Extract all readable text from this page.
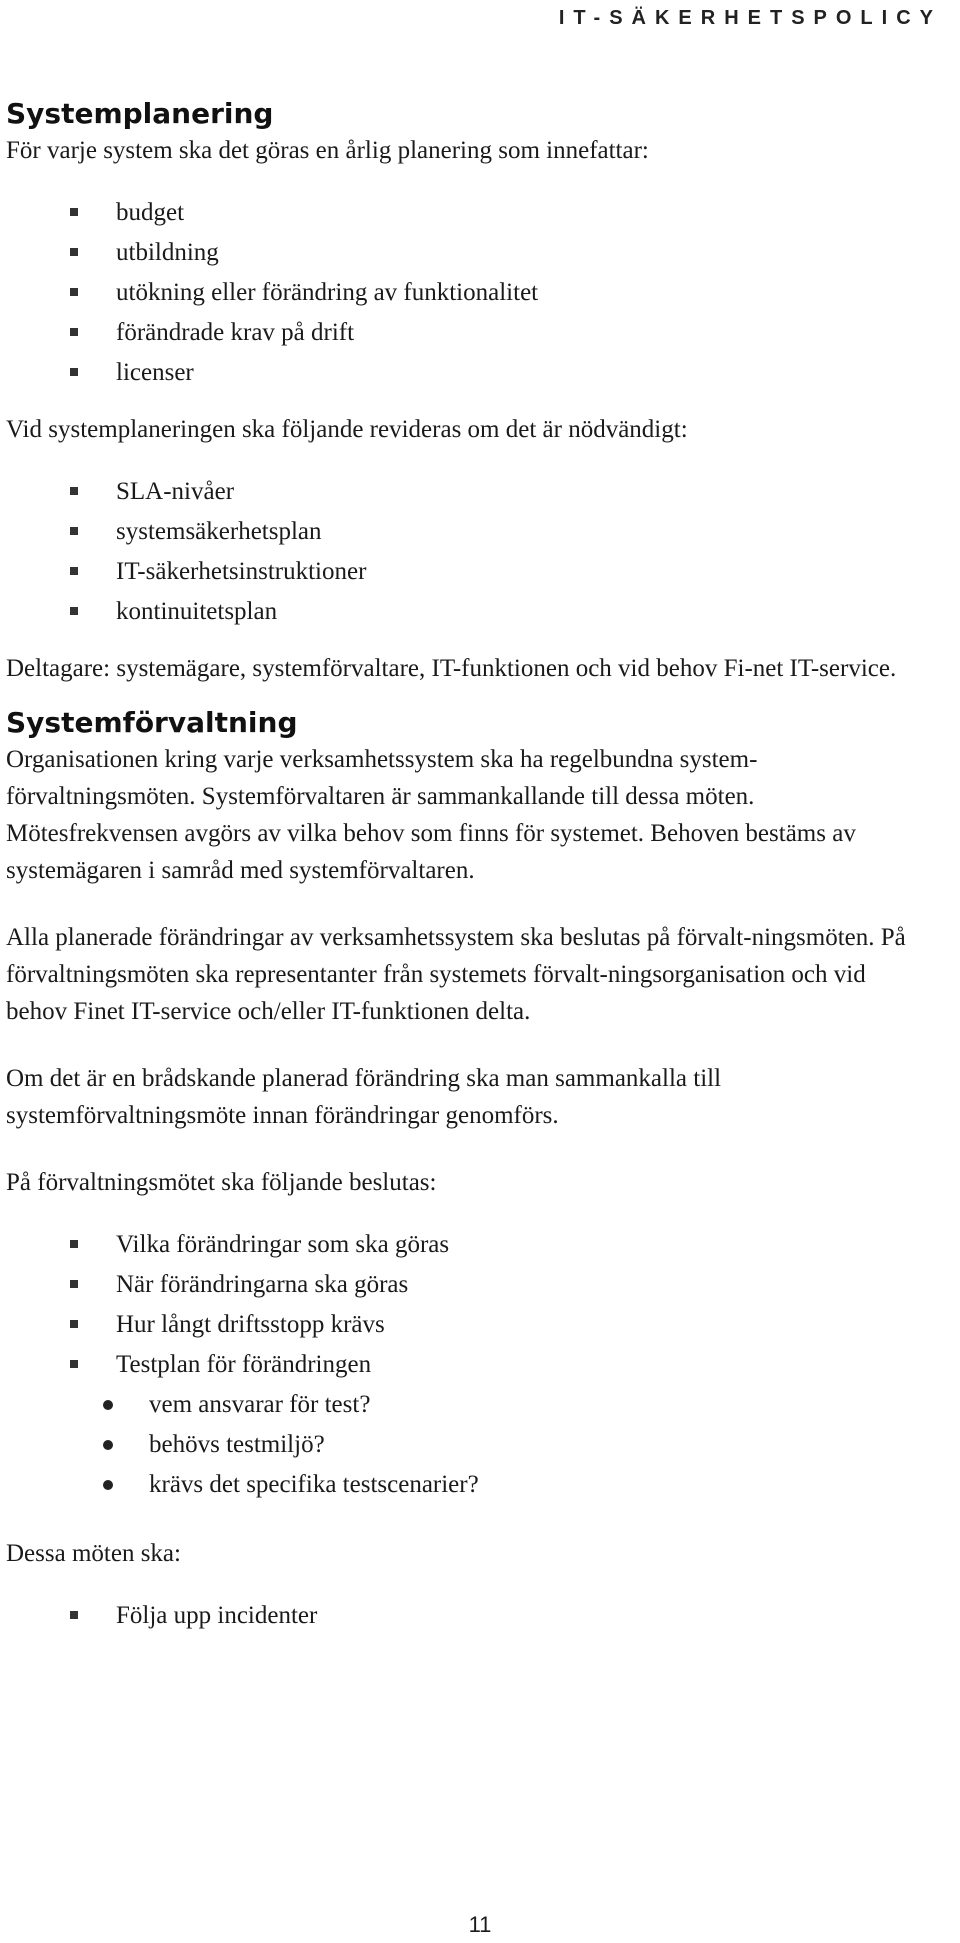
IT-SÄKERHETSPOLICY

Systemplanering

För varje system ska det göras en årlig planering som innefattar:

budget
utbildning
utökning eller förändring av funktionalitet
förändrade krav på drift
licenser

Vid systemplaneringen ska följande revideras om det är nödvändigt:

SLA-nivåer
systemsäkerhetsplan
IT-säkerhetsinstruktioner
kontinuitetsplan

Deltagare: systemägare, systemförvaltare, IT-funktionen och vid behov Fi-net IT-service.

Systemförvaltning

Organisationen kring varje verksamhetssystem ska ha regelbundna system-förvaltningsmöten. Systemförvaltaren är sammankallande till dessa möten. Mötesfrekvensen avgörs av vilka behov som finns för systemet. Behoven bestäms av systemägaren i samråd med systemförvaltaren.

Alla planerade förändringar av verksamhetssystem ska beslutas på förvalt-ningsmöten. På förvaltningsmöten ska representanter från systemets förvalt-ningsorganisation och vid behov Finet IT-service och/eller IT-funktionen delta.

Om det är en brådskande planerad förändring ska man sammankalla till systemförvaltningsmöte innan förändringar genomförs.

På förvaltningsmötet ska följande beslutas:

Vilka förändringar som ska göras
När förändringarna ska göras
Hur långt driftsstopp krävs
Testplan för förändringen
vem ansvarar för test?
behövs testmiljö?
krävs det specifika testscenarier?

Dessa möten ska:

Följa upp incidenter

11
